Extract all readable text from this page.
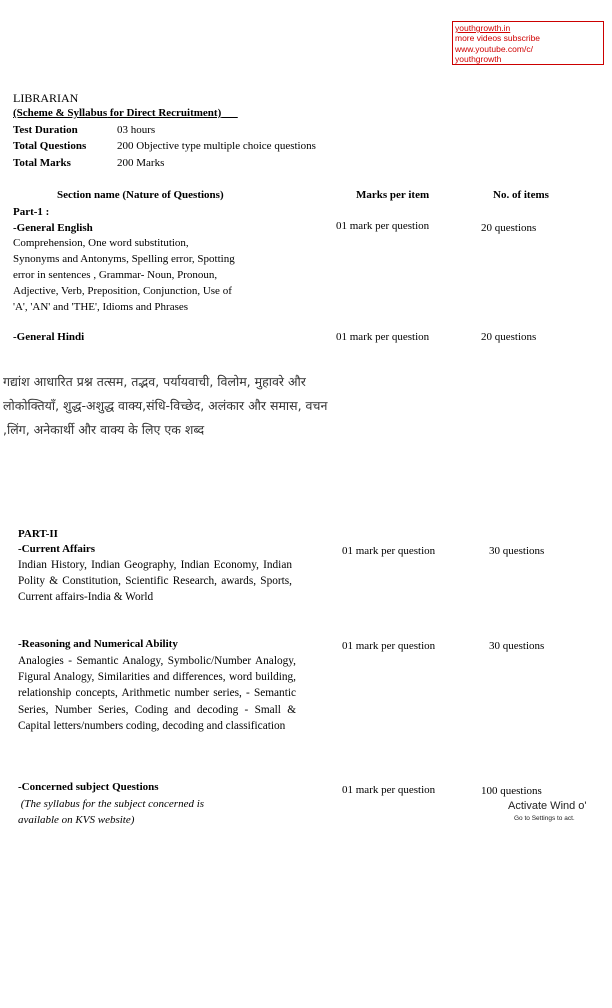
youthgrowth.in
more videos subscribe
www.youtube.com/c/
youthgrowth
LIBRARIAN
(Scheme & Syllabus for Direct Recruitment)
Test Duration	03 hours
Total Questions	200 Objective type multiple choice questions
Total Marks	200 Marks
Section name (Nature of Questions)	Marks per item	No. of items
Part-1 :
-General English	01 mark per question	20 questions
Comprehension, One word substitution,
Synonyms and Antonyms, Spelling error, Spotting
error in sentences , Grammar- Noun, Pronoun,
Adjective, Verb, Preposition, Conjunction, Use of
'A', 'AN' and 'THE', Idioms and Phrases
-General Hindi	01 mark per question	20 questions
गद्यांश आधारित प्रश्न तत्सम, तद्भव, पर्यायवाची, विलोम, मुहावरे और लोकोक्तियाँ, शुद्ध-अशुद्ध वाक्य,संधि-विच्छेद, अलंकार और समास, वचन ,लिंग, अनेकार्थी और वाक्य के लिए एक शब्द
PART-II
-Current Affairs	01 mark per question	30 questions
Indian History, Indian Geography, Indian Economy, Indian Polity & Constitution, Scientific Research, awards, Sports, Current affairs-India & World
-Reasoning and Numerical Ability	01 mark per question	30 questions
Analogies - Semantic Analogy, Symbolic/Number Analogy, Figural Analogy, Similarities and differences, word building, relationship concepts, Arithmetic number series, - Semantic Series, Number Series, Coding and decoding - Small & Capital letters/numbers coding, decoding and classification
-Concerned subject Questions	01 mark per question	100 questions
(The syllabus for the subject concerned is
available on KVS website)
Activate Wind o'
Go to Settings to act.
